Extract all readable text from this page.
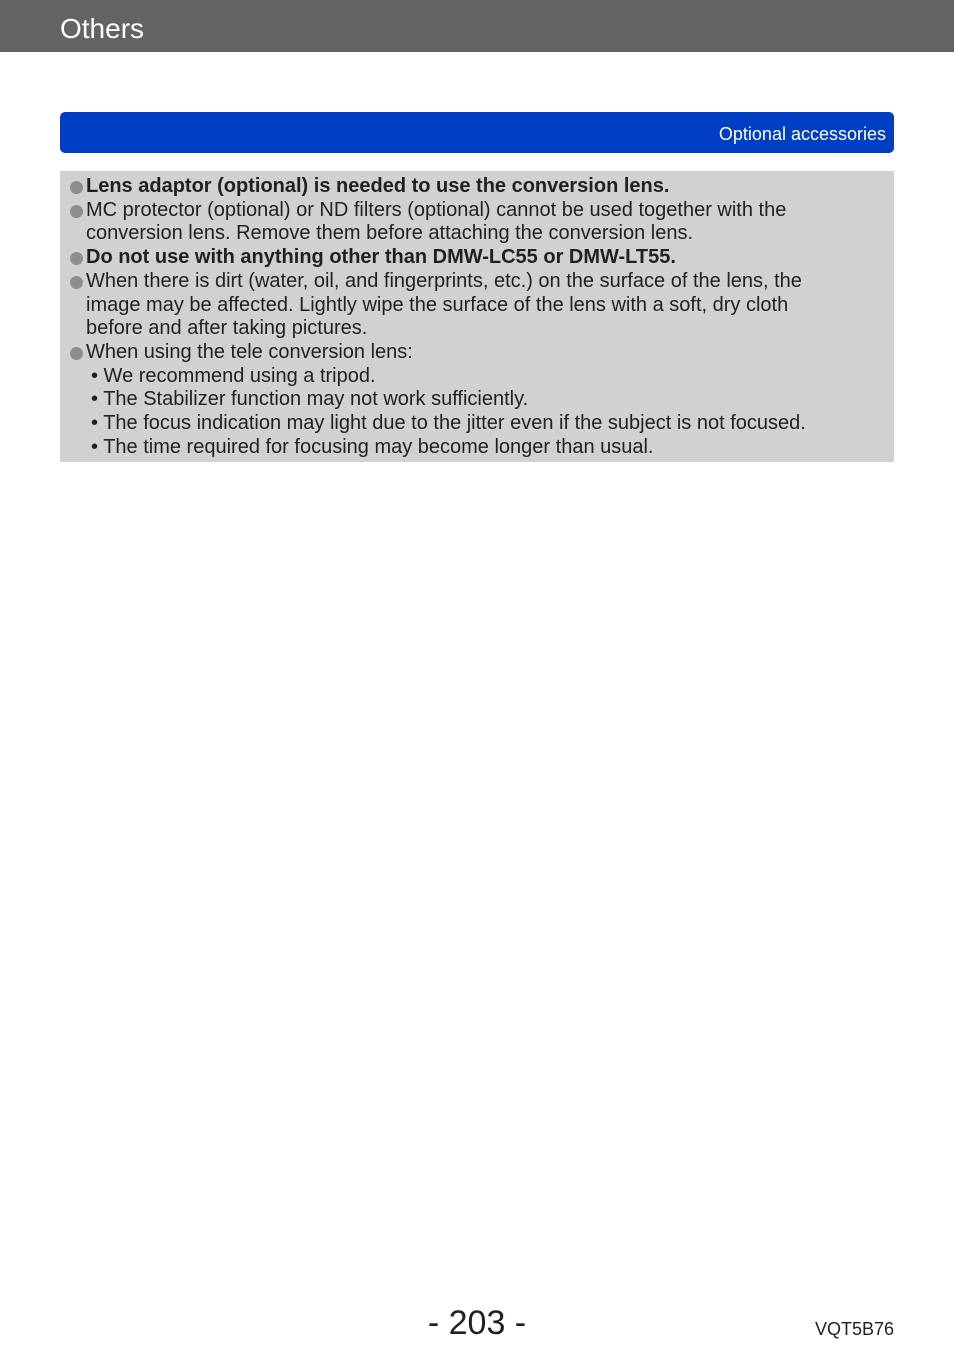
Others
Optional accessories
Lens adaptor (optional) is needed to use the conversion lens.
MC protector (optional) or ND filters (optional) cannot be used together with the
conversion lens. Remove them before attaching the conversion lens.
Do not use with anything other than DMW-LC55 or DMW-LT55.
When there is dirt (water, oil, and fingerprints, etc.) on the surface of the lens, the
image may be affected. Lightly wipe the surface of the lens with a soft, dry cloth
before and after taking pictures.
When using the tele conversion lens:
• We recommend using a tripod.
• The Stabilizer function may not work sufficiently.
• The focus indication may light due to the jitter even if the subject is not focused.
• The time required for focusing may become longer than usual.
- 203 -	VQT5B76
